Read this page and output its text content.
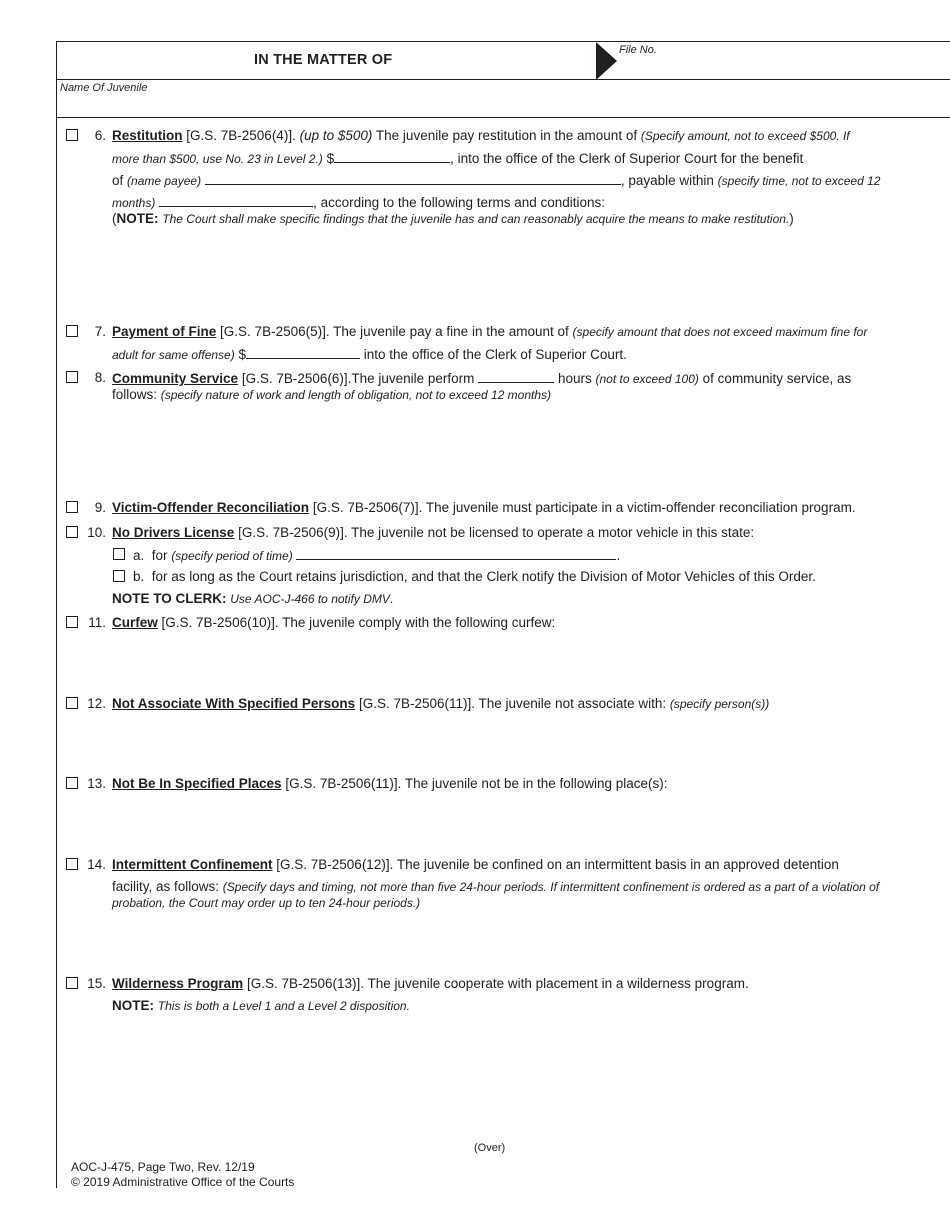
IN THE MATTER OF
File No.
Name Of Juvenile
6. Restitution [G.S. 7B-2506(4)]. (up to $500) The juvenile pay restitution in the amount of (Specify amount, not to exceed $500. If
more than $500, use No. 23 in Level 2.) $	, into the office of the Clerk of Superior Court for the benefit
of (name payee)	, payable within (specify time, not to exceed 12
months)	, according to the following terms and conditions:
(NOTE: The Court shall make specific findings that the juvenile has and can reasonably acquire the means to make restitution.)
7. Payment of Fine [G.S. 7B-2506(5)]. The juvenile pay a fine in the amount of (specify amount that does not exceed maximum fine for
adult for same offense) $	into the office of the Clerk of Superior Court.
8. Community Service [G.S. 7B-2506(6)].The juvenile perform	hours (not to exceed 100) of community service, as
follows: (specify nature of work and length of obligation, not to exceed 12 months)
9. Victim-Offender Reconciliation [G.S. 7B-2506(7)]. The juvenile must participate in a victim-offender reconciliation program.
10. No Drivers License [G.S. 7B-2506(9)]. The juvenile not be licensed to operate a motor vehicle in this state:
a. for (specify period of time)	.
b. for as long as the Court retains jurisdiction, and that the Clerk notify the Division of Motor Vehicles of this Order.
NOTE TO CLERK: Use AOC-J-466 to notify DMV.
11. Curfew [G.S. 7B-2506(10)]. The juvenile comply with the following curfew:
12. Not Associate With Specified Persons [G.S. 7B-2506(11)]. The juvenile not associate with: (specify person(s))
13. Not Be In Specified Places [G.S. 7B-2506(11)]. The juvenile not be in the following place(s):
14. Intermittent Confinement [G.S. 7B-2506(12)]. The juvenile be confined on an intermittent basis in an approved detention
facility, as follows: (Specify days and timing, not more than five 24-hour periods. If intermittent confinement is ordered as a part of a violation of
probation, the Court may order up to ten 24-hour periods.)
15. Wilderness Program [G.S. 7B-2506(13)]. The juvenile cooperate with placement in a wilderness program.
NOTE: This is both a Level 1 and a Level 2 disposition.
(Over)
AOC-J-475, Page Two, Rev. 12/19
© 2019 Administrative Office of the Courts
